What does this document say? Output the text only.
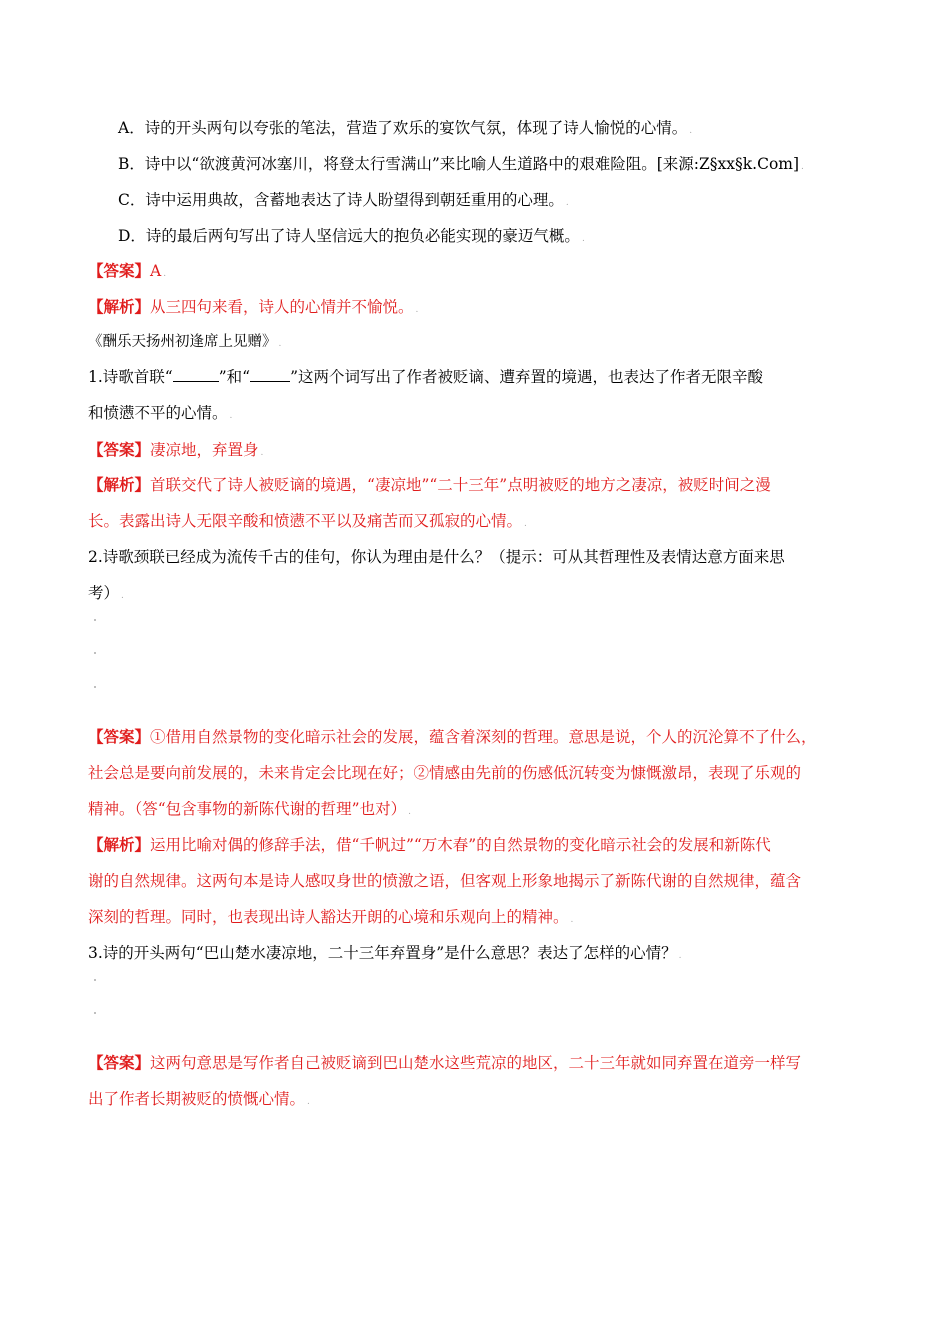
A．诗的开头两句以夸张的笔法，营造了欢乐的宴饮气氛，体现了诗人愉悦的心情。 .
B．诗中以“欲渡黄河冰塞川，将登太行雪满山”来比喻人生道路中的艰难险阻。[来源:Z§xx§k.Com] .
C．诗中运用典故，含蓄地表达了诗人盼望得到朝廷重用的心理。 .
D．诗的最后两句写出了诗人坚信远大的抱负必能实现的豪迈气概。 .
【答案】A .
【解析】从三四句来看，诗人的心情并不愉悦。 .
《酬乐天扬州初逢席上见赠》 .
1.诗歌首联“	”和“	”这两个词写出了作者被贬谪、遭弃置的境遇，也表达了作者无限辛酸
和愤懑不平的心情。 .
【答案】凄凉地，弃置身 .
【解析】首联交代了诗人被贬谪的境遇，“凄凉地”“二十三年”点明被贬的地方之凄凉，被贬时间之漫
长。表露出诗人无限辛酸和愤懑不平以及痛苦而又孤寂的心情。 .
2.诗歌颈联已经成为流传千古的佳句，你认为理由是什么？（提示：可从其哲理性及表情达意方面来思
考） .
【答案】①借用自然景物的变化暗示社会的发展，蕴含着深刻的哲理。意思是说，个人的沉沦算不了什么，
社会总是要向前发展的，未来肯定会比现在好；②情感由先前的伤感低沉转变为慷慨激昂，表现了乐观的
精神。（答“包含事物的新陈代谢的哲理”也对） .
【解析】运用比喻对偶的修辞手法，借“千帆过”“万木春”的自然景物的变化暗示社会的发展和新陈代
谢的自然规律。这两句本是诗人感叹身世的愤激之语，但客观上形象地揭示了新陈代谢的自然规律，蕴含
深刻的哲理。同时，也表现出诗人豁达开朗的心境和乐观向上的精神。 .
3.诗的开头两句“巴山楚水凄凉地，二十三年弃置身”是什么意思？表达了怎样的心情？ .
【答案】这两句意思是写作者自己被贬谪到巴山楚水这些荒凉的地区，二十三年就如同弃置在道旁一样写
出了作者长期被贬的愤慨心情。 .
